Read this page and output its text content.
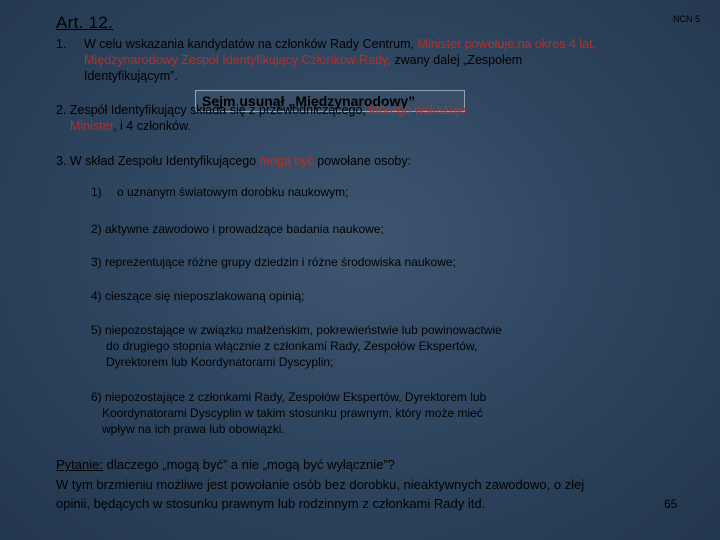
Art. 12.	NCN 5
1. W celu wskazania kandydatów na członków Rady Centrum, Minister powołuje,na okres 4 lat,
Międzynarodowy Zespół Identyfikujący Członków Rady, zwany dalej „Zespołem
Identyfikującym”.
Sejm usunął „Międzynarodowy”
2. Zespół Identyfikujący składa się z przewodniczącego, którego wskazuje
Minister, i 4 członków.
3. W skład Zespołu Identyfikującego mogą być powołane osoby:
1) o uznanym światowym dorobku naukowym;
2) aktywne zawodowo i prowadzące badania naukowe;
3) reprezentujące różne grupy dziedzin i różne środowiska naukowe;
4) cieszące się nieposzlakowaną opinią;
5) niepozostające w związku małżeńskim, pokrewieństwie lub powinowactwie
do drugiego stopnia włącznie z członkami Rady, Zespołów Ekspertów,
Dyrektorem lub Koordynatorami Dyscyplin;
6) niepozostające z członkami Rady, Zespołów Ekspertów, Dyrektorem lub
Koordynatorami Dyscyplin w takim stosunku prawnym, który może mieć
wpływ na ich prawa lub obowiązki.
Pytanie: dlaczego „mogą być” a nie „mogą być wyłącznie”?
W tym brzmieniu możliwe jest powołanie osób bez dorobku, nieaktywnych zawodowo, o złej
opinii, będących w stosunku prawnym lub rodzinnym z członkami Rady itd.	65
